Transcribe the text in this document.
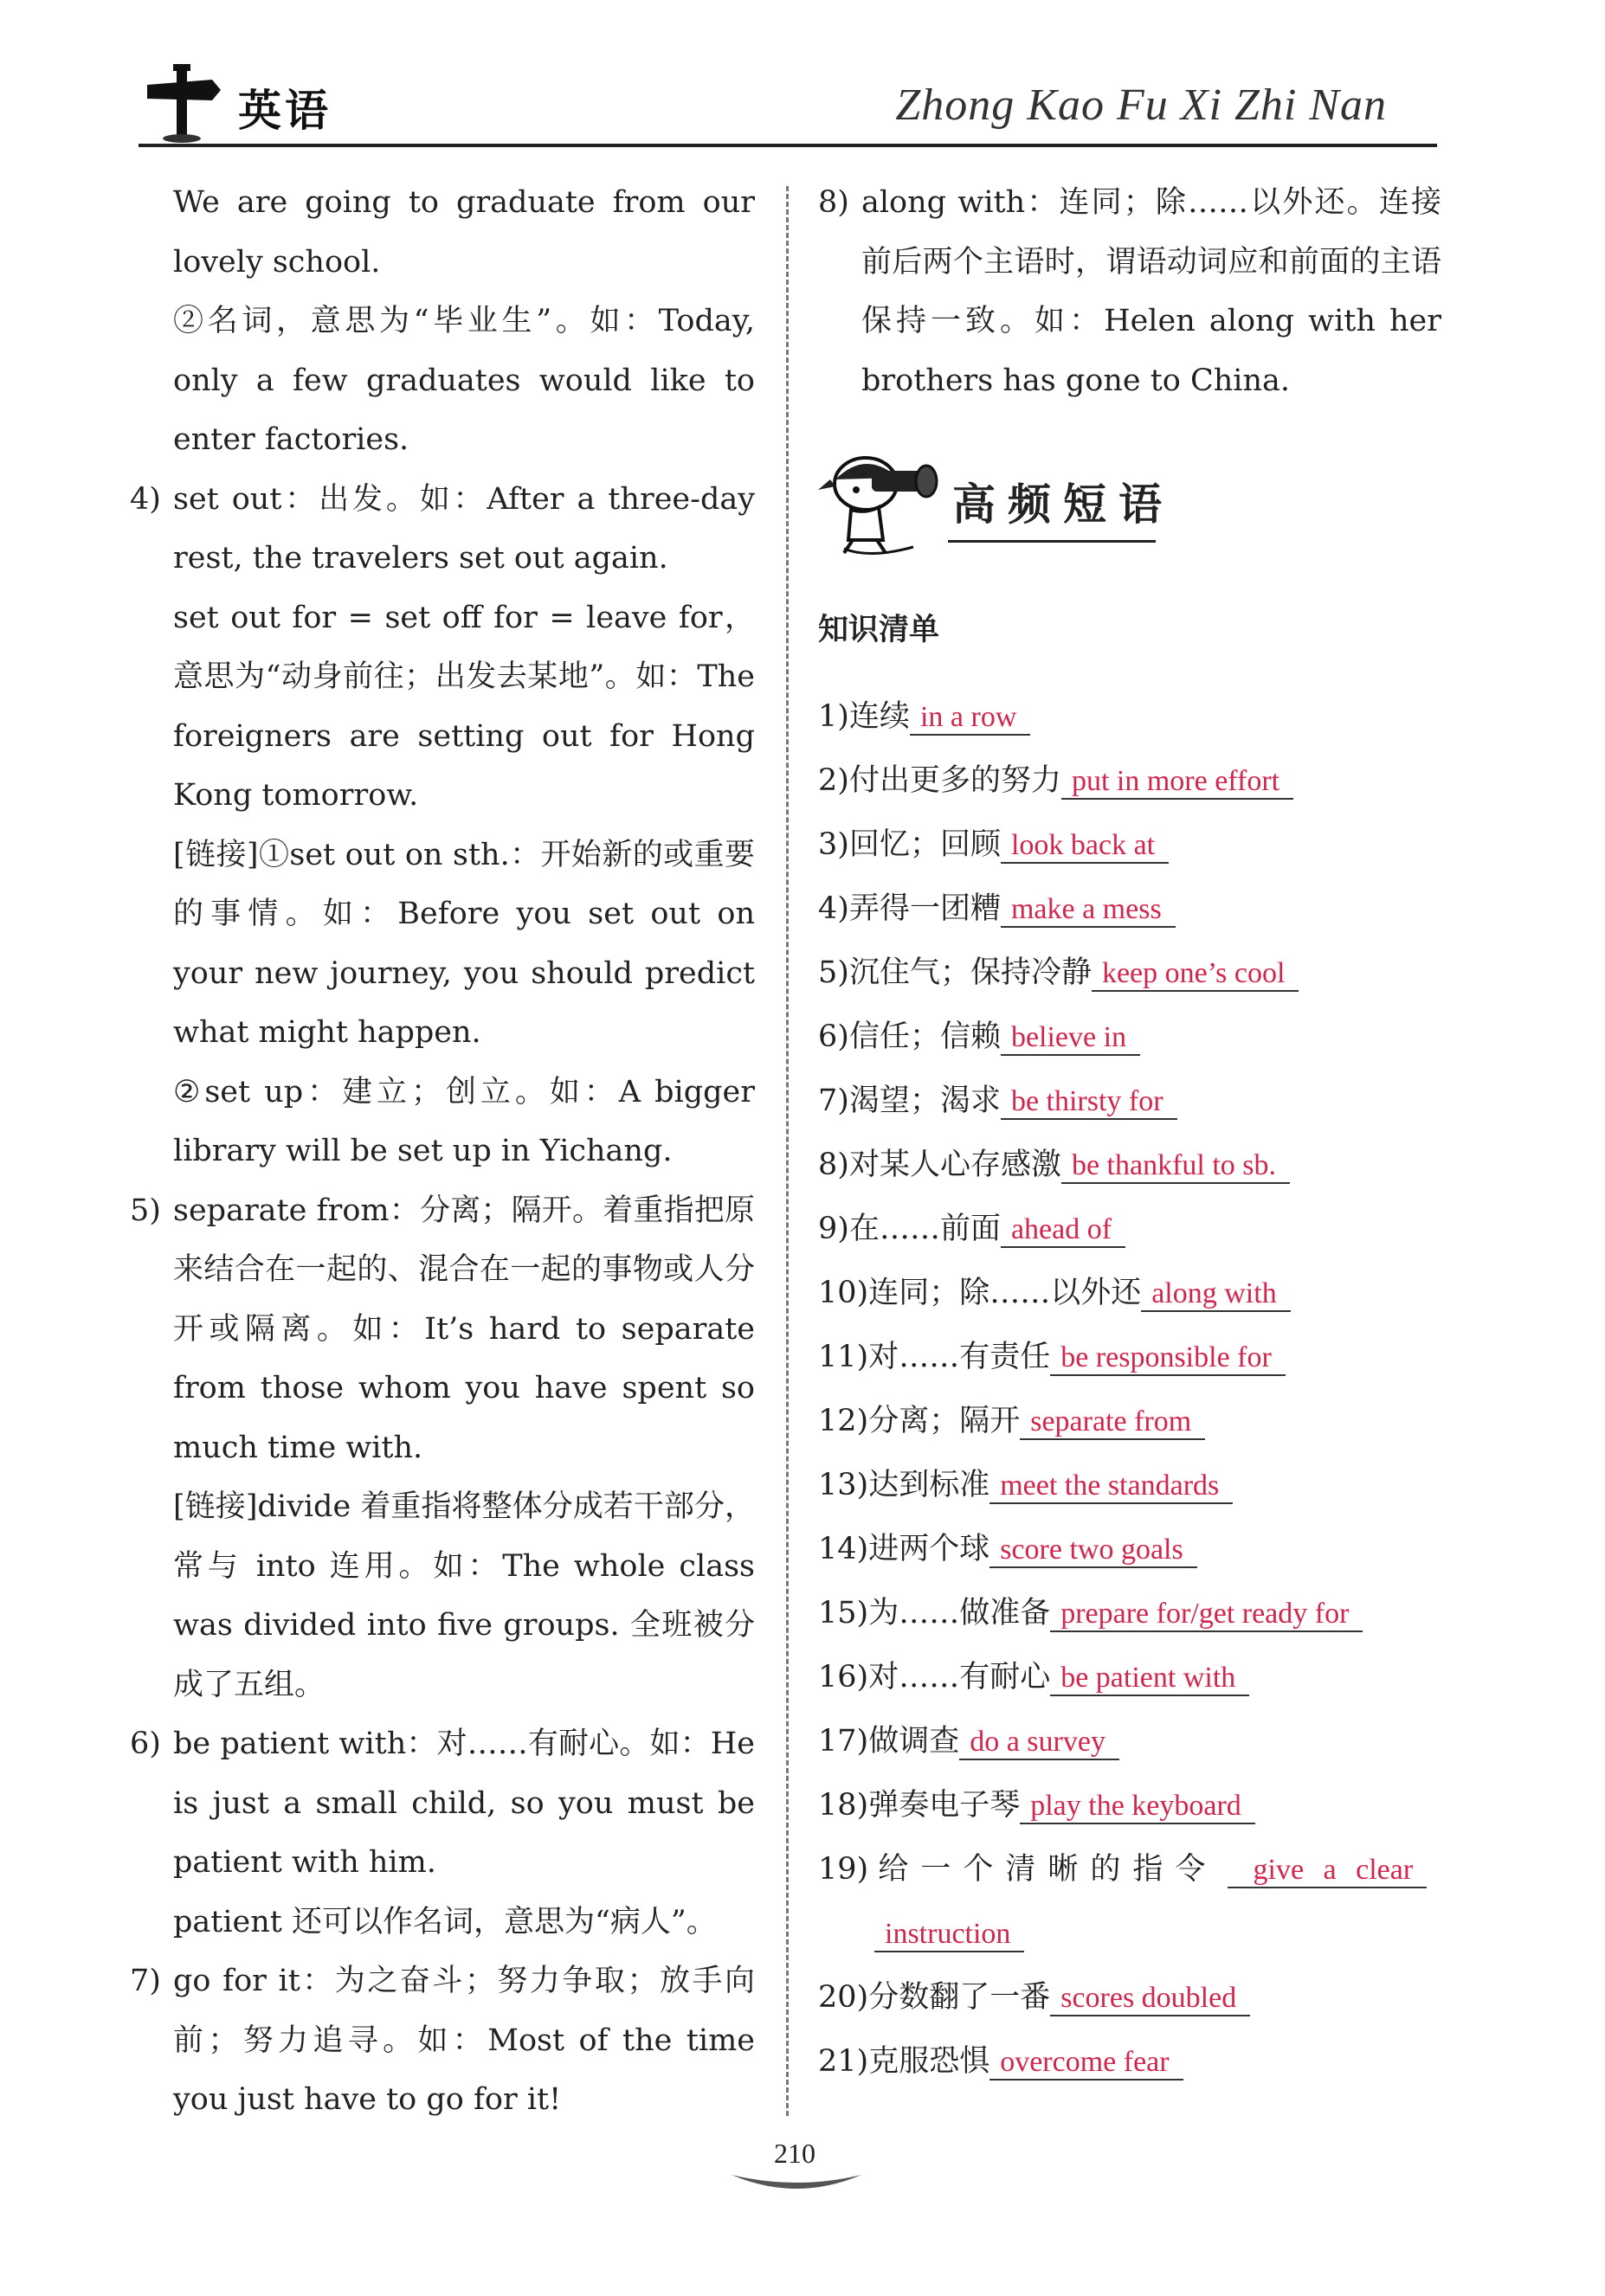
英语	Zhong Kao Fu Xi Zhi Nan

We are going to graduate from our lovely school.

②名词，意思为“毕业生”。如：Today, only a few graduates would like to enter factories.

4) set out：出发。如：After a three-day rest, the travelers set out again.

set out for = set off for = leave for，意思为“动身前往；出发去某地”。如：The foreigners are setting out for Hong Kong tomorrow.

[链接]①set out on sth.：开始新的或重要的事情。如：Before you set out on your new journey, you should predict what might happen.

②set up：建立；创立。如：A bigger library will be set up in Yichang.

5) separate from：分离；隔开。着重指把原来结合在一起的、混合在一起的事物或人分开或隔离。如：It’s hard to separate from those whom you have spent so much time with.

[链接]divide 着重指将整体分成若干部分，常与 into 连用。如：The whole class was divided into five groups. 全班被分成了五组。

6) be patient with：对……有耐心。如：He is just a small child, so you must be patient with him.

patient 还可以作名词，意思为“病人”。

7) go for it：为之奋斗；努力争取；放手向前；努力追寻。如：Most of the time you just have to go for it!

8) along with：连同；除……以外还。连接前后两个主语时，谓语动词应和前面的主语保持一致。如：Helen along with her brothers has gone to China.

高频短语
知识清单
1)连续 in a row
2)付出更多的努力 put in more effort
3)回忆；回顾 look back at
4)弄得一团糟 make a mess
5)沉住气；保持冷静 keep one’s cool
6)信任；信赖 believe in
7)渴望；渴求 be thirsty for
8)对某人心存感激 be thankful to sb.
9)在……前面 ahead of
10)连同；除……以外还 along with
11)对……有责任 be responsible for
12)分离；隔开 separate from
13)达到标准 meet the standards
14)进两个球 score two goals
15)为……做准备 prepare for/get ready for
16)对……有耐心 be patient with
17)做调查 do a survey
18)弹奏电子琴 play the keyboard
19) 给一个清晰的指令 give a clear
instruction
20)分数翻了一番 scores doubled
21)克服恐惧 overcome fear
210
